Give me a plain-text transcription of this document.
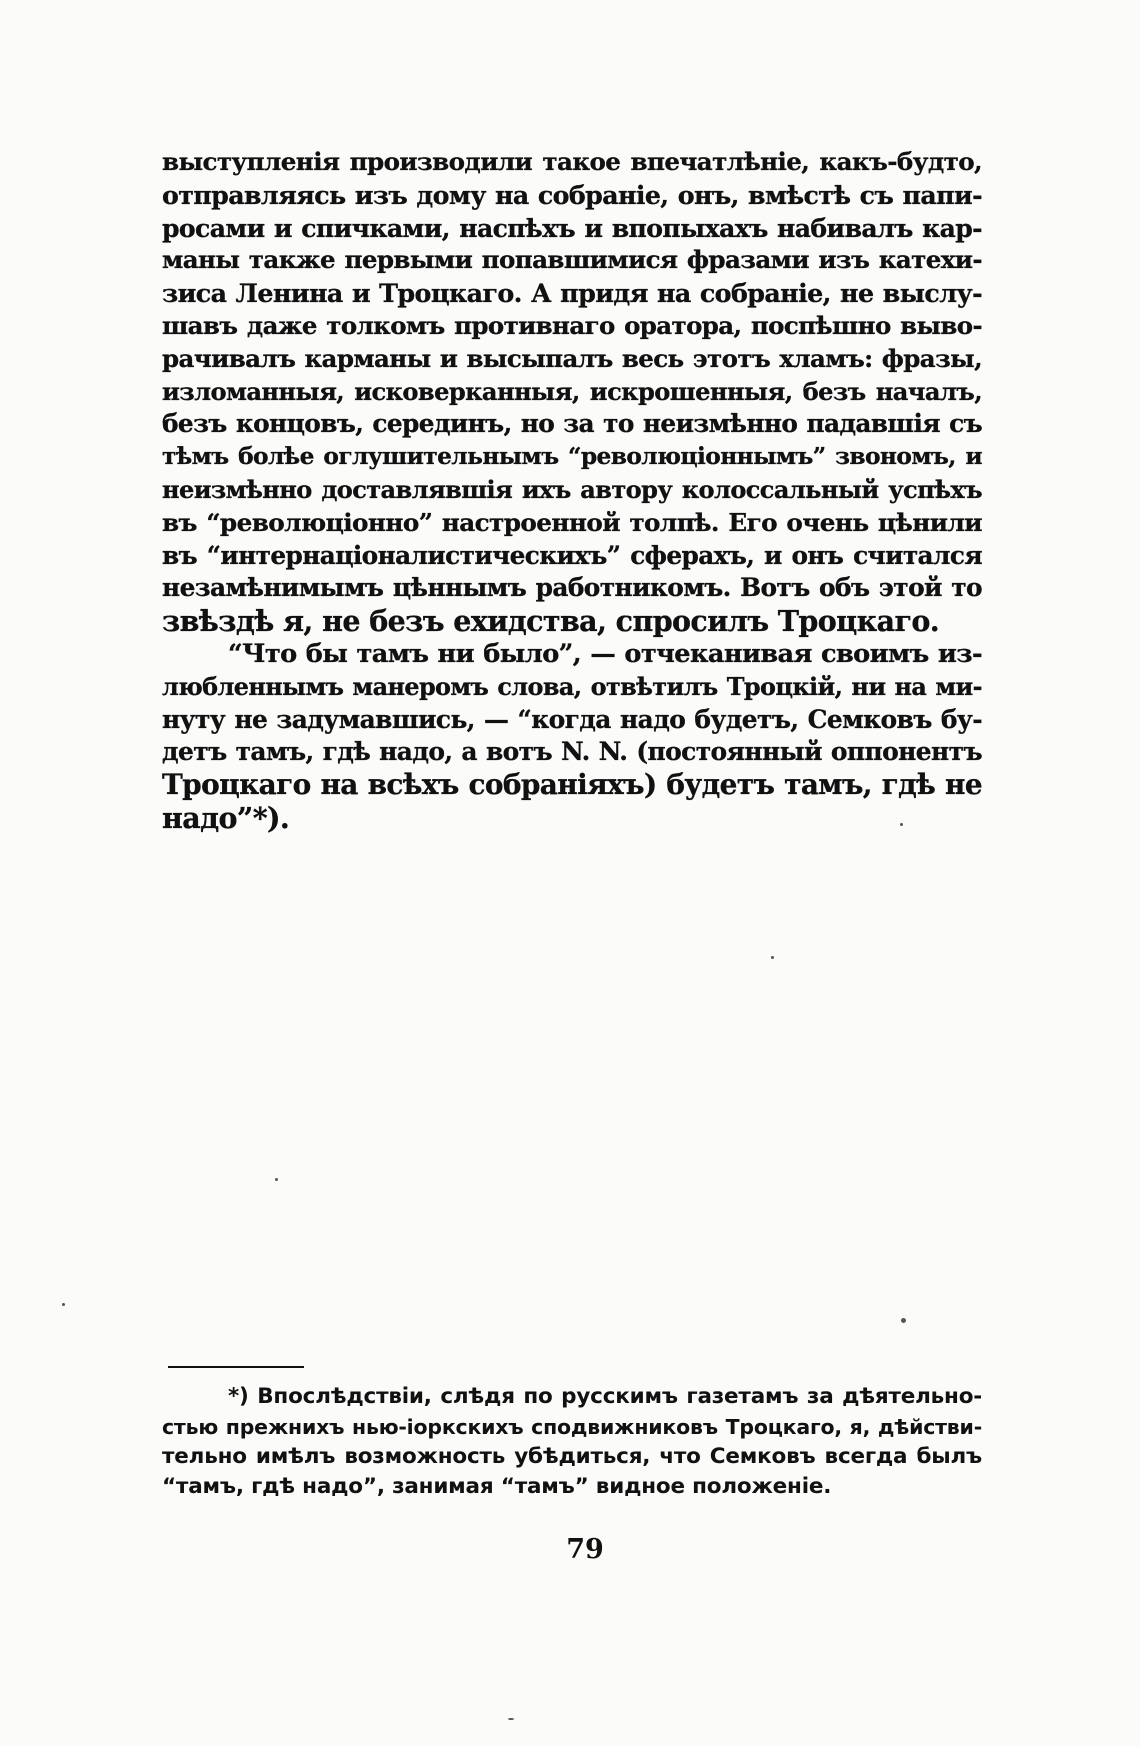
выступленія производили такое впечатлѣніе, какъ-будто,
отправляясь изъ дому на собраніе, онъ, вмѣстѣ съ папи-
росами и спичками, наспѣхъ и впопыхахъ набивалъ кар-
маны также первыми попавшимися фразами изъ катехи-
зиса Ленина и Троцкаго. А придя на собраніе, не выслу-
шавъ даже толкомъ противнаго оратора, поспѣшно выво-
рачивалъ карманы и высыпалъ весь этотъ хламъ: фразы,
изломанныя, исковерканныя, искрошенныя, безъ началъ,
безъ концовъ, серединъ, но за то неизмѣнно падавшія съ
тѣмъ болѣе оглушительнымъ “революціоннымъ” звономъ, и
неизмѣнно доставлявшія ихъ автору колоссальный успѣхъ
въ “революціонно” настроенной толпѣ. Его очень цѣнили
въ “интернаціоналистическихъ” сферахъ, и онъ считался
незамѣнимымъ цѣннымъ работникомъ. Вотъ объ этой то
звѣздѣ я, не безъ ехидства, спросилъ Троцкаго.
“Что бы тамъ ни было”, — отчеканивая своимъ из-
любленнымъ манеромъ слова, отвѣтилъ Троцкій, ни на ми-
нуту не задумавшись, — “когда надо будетъ, Семковъ бу-
детъ тамъ, гдѣ надо, а вотъ N. N. (постоянный оппонентъ
Троцкаго на всѣхъ собраніяхъ) будетъ тамъ, гдѣ не
надо”*).
*) Впослѣдствіи, слѣдя по русскимъ газетамъ за дѣятельно-
стью прежнихъ нью-іоркскихъ сподвижниковъ Троцкаго, я, дѣйстви-
тельно имѣлъ возможность убѣдиться, что Семковъ всегда былъ
“тамъ, гдѣ надо”, занимая “тамъ” видное положеніе.
79
